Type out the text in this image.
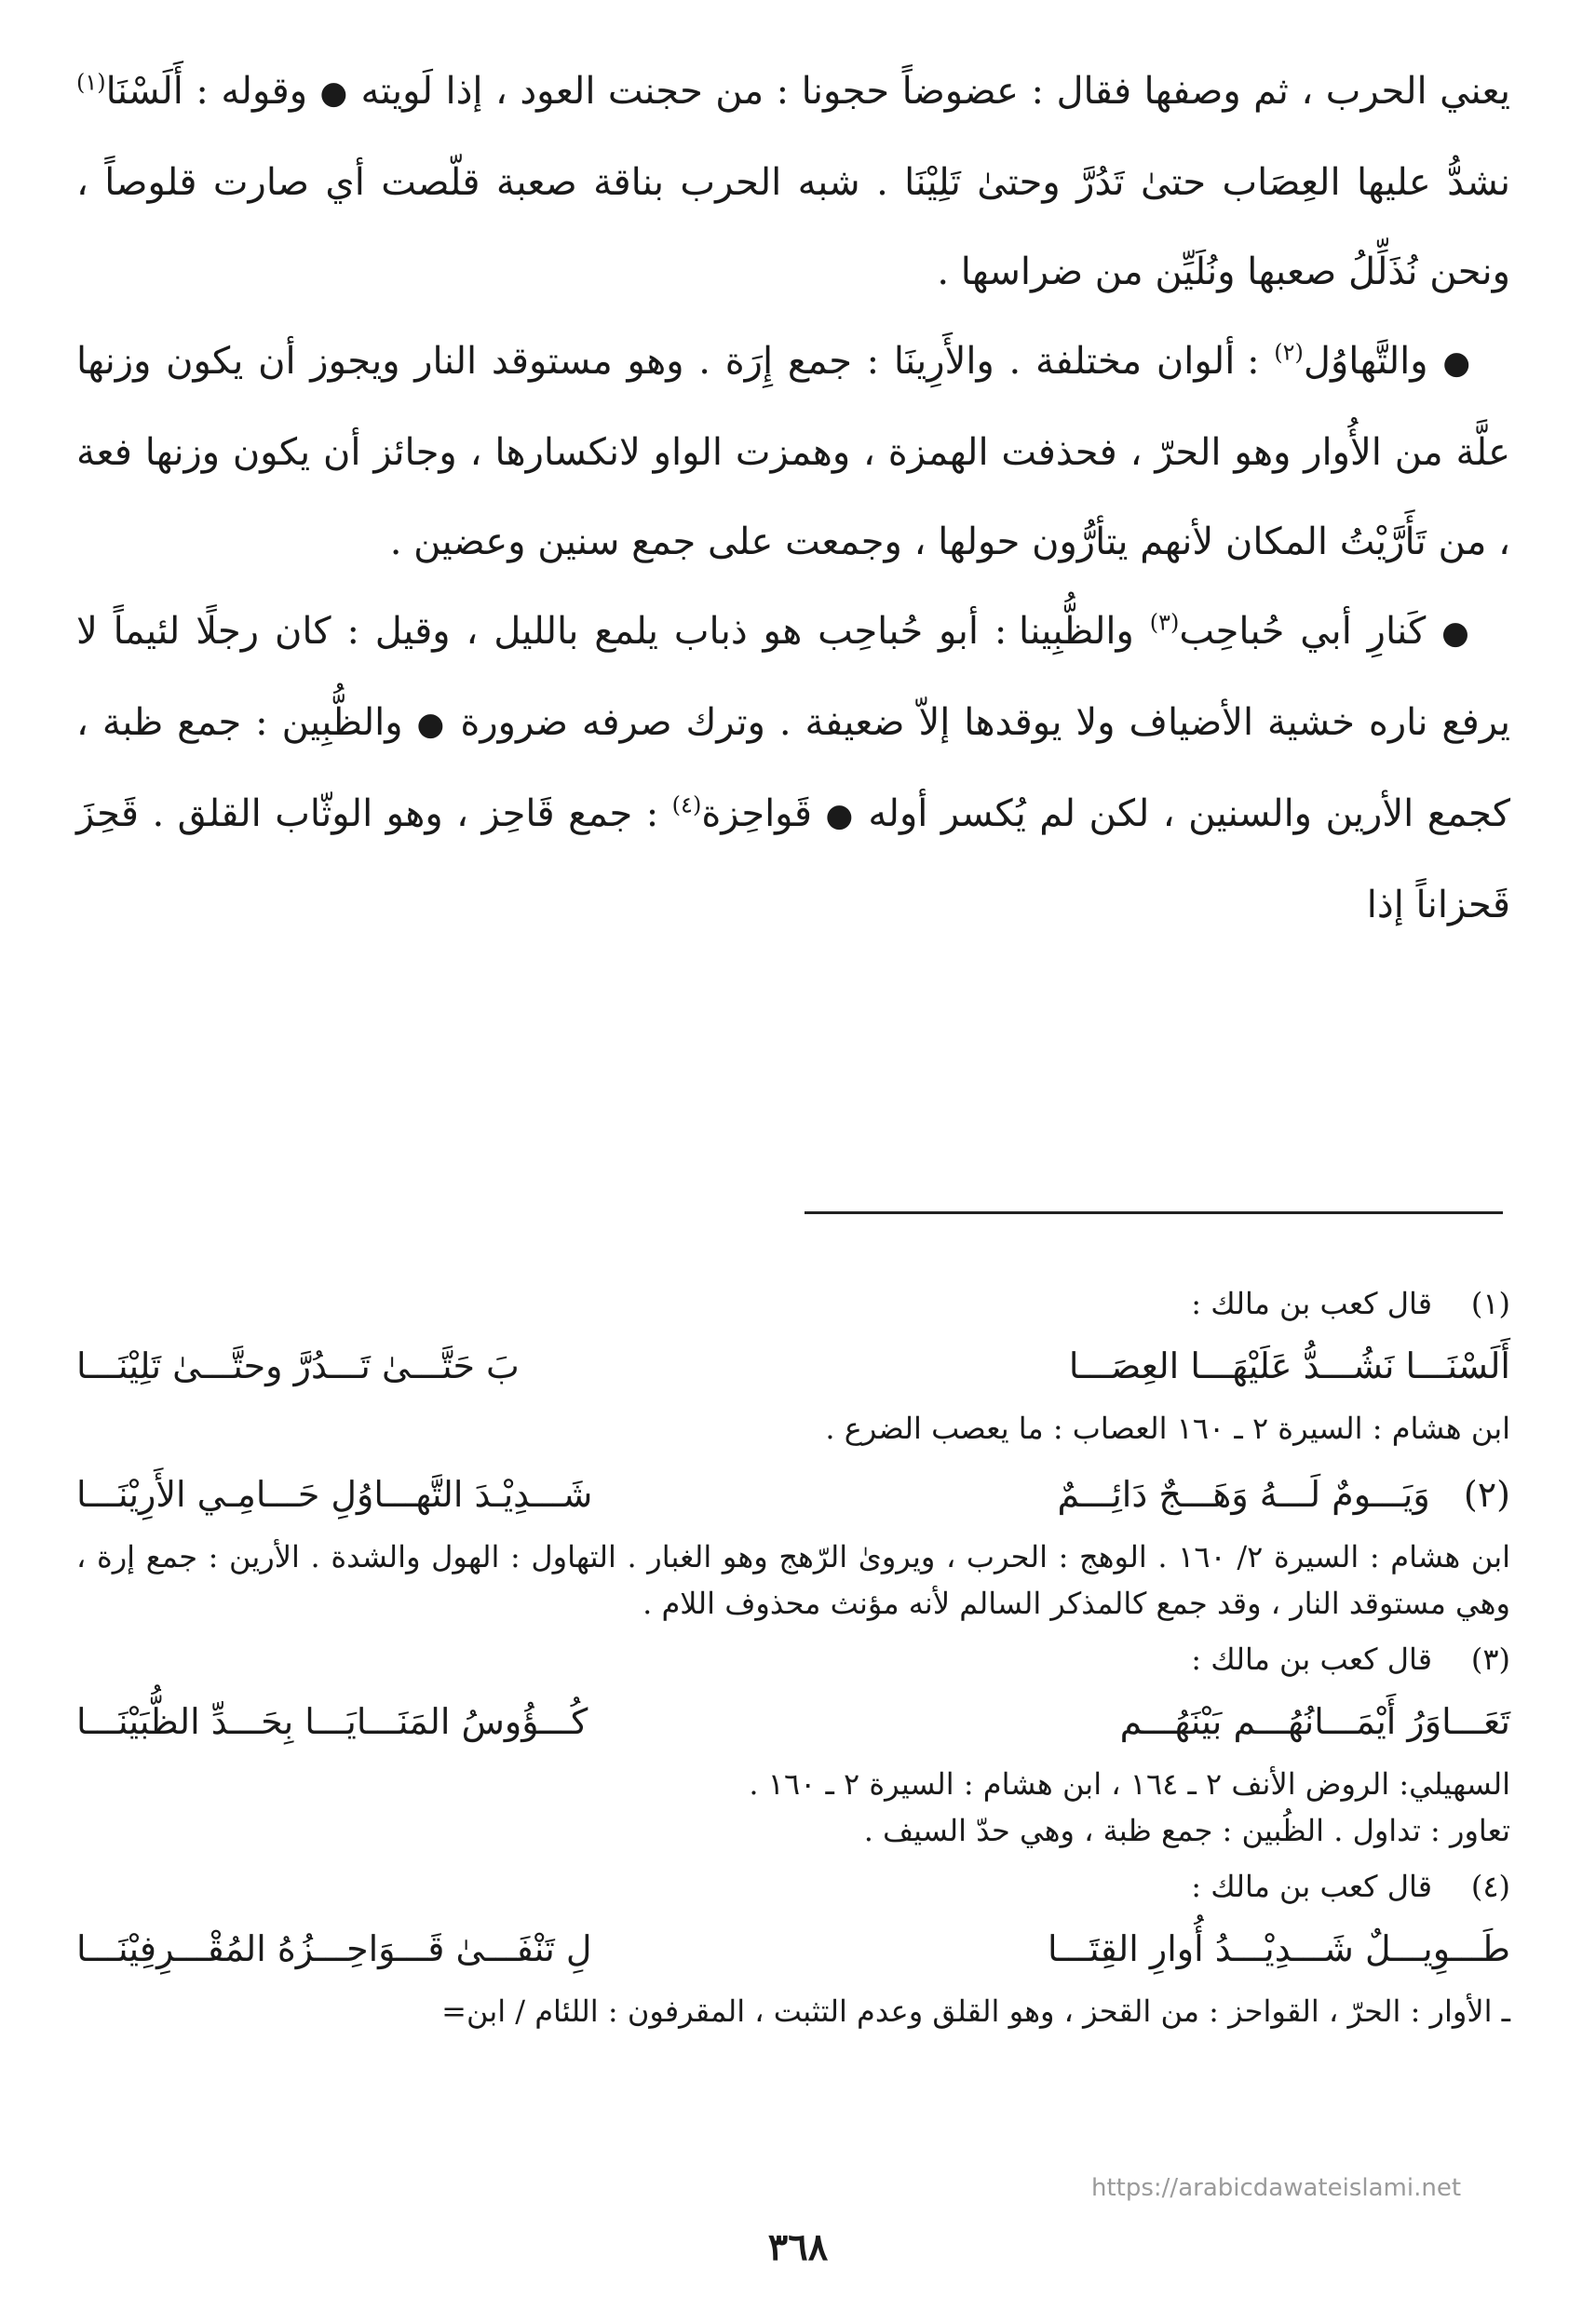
يعني الحرب ، ثم وصفها فقال : عضوضاً حجونا : من حجنت العود ، إذا لَويته ● وقوله : أَلَسْنَا$^{(١)}$ نشدُّ عليها العِصَاب حتىٰ تَدُرَّ وحتىٰ تَلِيْنَا . شبه الحرب بناقة صعبة قلّصت أي صارت قلوصاً ، ونحن نُذَلِّلُ صعبها ونُلَيِّن من ضراسها .

● والتَّهاوُل$^{(٢)}$ : ألوان مختلفة . والأَرِينَا : جمع إِرَة . وهو مستوقد النار ويجوز أن يكون وزنها علَّة من الأُوار وهو الحرّ ، فحذفت الهمزة ، وهمزت الواو لانكسارها ، وجائز أن يكون وزنها فعة ، من تَأَرَّيْتُ المكان لأنهم يتأرُّون حولها ، وجمعت على جمع سنين وعضين .

● كَنارِ أبي حُباحِب$^{(٣)}$ والظُّبِينا : أبو حُباحِب هو ذباب يلمع بالليل ، وقيل : كان رجلًا لئيماً لا يرفع ناره خشية الأضياف ولا يوقدها إلاّ ضعيفة . وترك صرفه ضرورة ● والظُّبِين : جمع ظبة ، كجمع الأرين والسنين ، لكن لم يُكسر أوله ● قَواحِزة$^{(٤)}$ : جمع قَاحِز ، وهو الوثّاب القلق . قَحِزَ قَحزاناً إذا

(١)
قال كعب بن مالك :
أَلَسْنَـــا نَشُـــدُّ عَلَيْهَـــا العِصَـــا
بَ حَتَّـــىٰ تَـــدُرَّ وحتَّـــىٰ تَلِيْنَـــا
ابن هشام : السيرة ٢ ـ ١٦٠ العصاب : ما يعصب الضرع .
(٢)   وَيَـــومٌ لَـــهُ وَهَـــجٌ دَائِـــمٌ
شَـــدِيْـدَ التَّهـــاوُلِ حَـــامِـي الأَرِيْنَـــا
ابن هشام : السيرة ٢/ ١٦٠ . الوهج : الحرب ، ويروىٰ الرّهج وهو الغبار . التهاول : الهول والشدة . الأرين : جمع إرة ، وهي مستوقد النار ، وقد جمع كالمذكر السالم لأنه مؤنث محذوف اللام .
(٣)
قال كعب بن مالك :
تَعَـــاوَرُ أَيْمَـــانُهُـــم بَيْنَهُـــم
كُـــؤُوسُ المَنَـــايَـــا بِحَـــدِّ الظُّبَيْنَـــا
السهيلي: الروض الأنف ٢ ـ ١٦٤ ، ابن هشام : السيرة ٢ ـ ١٦٠ .
تعاور : تداول . الظُبين : جمع ظبة ، وهي حدّ السيف .
(٤)
قال كعب بن مالك :
طَـــوِيـــلٌ شَـــدِيْـــدُ أُوارِ القِتَـــا
لِ تَنْفَـــىٰ قَـــوَاحِـــزُهُ المُقْـــرِفِيْنَـــا
ـ الأوار : الحرّ ، القواحز : من القحز ، وهو القلق وعدم التثبت ، المقرفون : اللئام / ابن=
https://arabicdawateislami.net
٣٦٨
